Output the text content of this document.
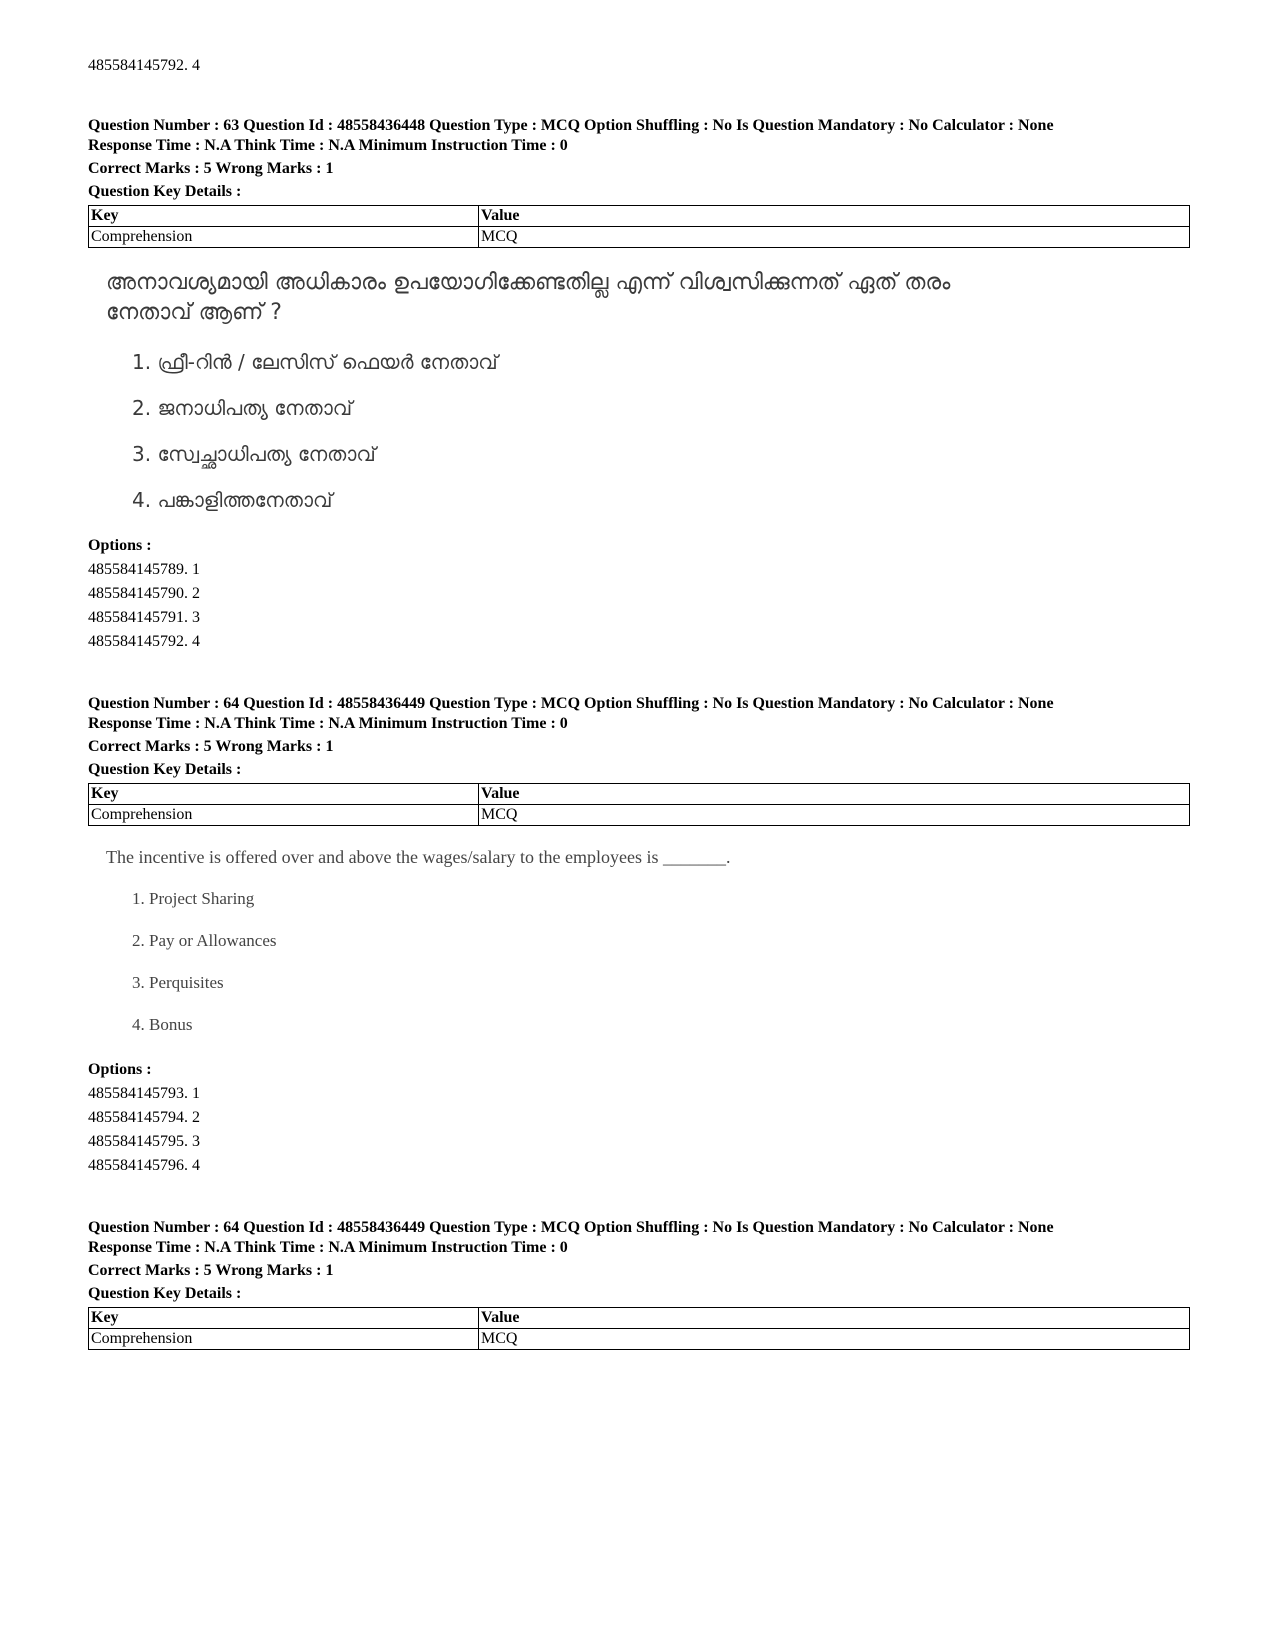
485584145792. 4
Question Number : 63 Question Id : 48558436448 Question Type : MCQ Option Shuffling : No Is Question Mandatory : No Calculator : None
Response Time : N.A Think Time : N.A Minimum Instruction Time : 0
Correct Marks : 5 Wrong Marks : 1
Question Key Details :
Key	Value
Comprehension	MCQ
അനാവശ്യമായി അധികാരം ഉപയോഗിക്കേണ്ടതില്ല എന്ന് വിശ്വസിക്കുന്നത് ഏത് തരം നേതാവ് ആണ് ?
1. ഫ്രീ-റിൻ / ലേസിസ് ഫെയർ നേതാവ്
2. ജനാധിപത്യ നേതാവ്
3. സ്വേച്ഛാധിപത്യ നേതാവ്
4. പങ്കാളിത്തനേതാവ്
Options :
485584145789. 1
485584145790. 2
485584145791. 3
485584145792. 4
Question Number : 64 Question Id : 48558436449 Question Type : MCQ Option Shuffling : No Is Question Mandatory : No Calculator : None
Response Time : N.A Think Time : N.A Minimum Instruction Time : 0
Correct Marks : 5 Wrong Marks : 1
Question Key Details :
Key	Value
Comprehension	MCQ
The incentive is offered over and above the wages/salary to the employees is _______.
1. Project Sharing
2. Pay or Allowances
3. Perquisites
4. Bonus
Options :
485584145793. 1
485584145794. 2
485584145795. 3
485584145796. 4
Question Number : 64 Question Id : 48558436449 Question Type : MCQ Option Shuffling : No Is Question Mandatory : No Calculator : None
Response Time : N.A Think Time : N.A Minimum Instruction Time : 0
Correct Marks : 5 Wrong Marks : 1
Question Key Details :
Key	Value
Comprehension	MCQ
